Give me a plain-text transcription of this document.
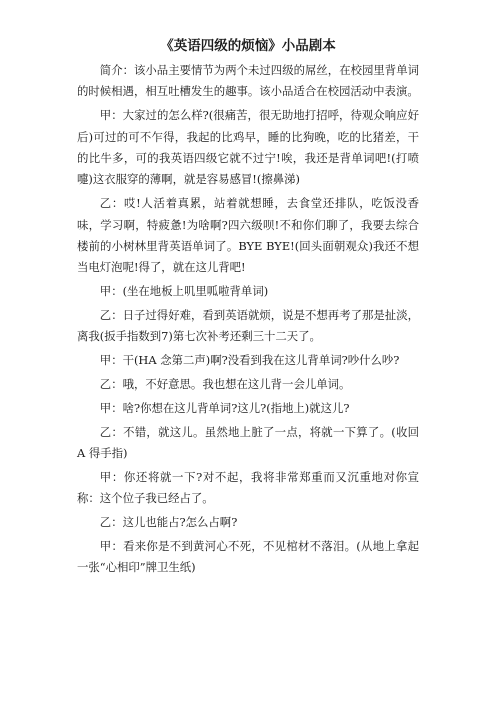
《英语四级的烦恼》小品剧本

简介：该小品主要情节为两个未过四级的屌丝，在校园里背单词的时候相遇，相互吐槽发生的趣事。该小品适合在校园活动中表演。

甲：大家过的怎么样?(很痛苦，很无助地打招呼，待观众响应好后)可过的可不乍得，我起的比鸡早，睡的比狗晚，吃的比猪差，干的比牛多，可的我英语四级它就不过宁!唉，我还是背单词吧!(打喷嚏)这衣服穿的薄啊，就是容易感冒!(擦鼻涕)

乙：哎!人活着真累，站着就想睡，去食堂还排队，吃饭没香味，学习啊，特疲惫!为啥啊?四六级呗!不和你们聊了，我要去综合楼前的小树林里背英语单词了。BYE BYE!(回头面朝观众)我还不想当电灯泡呢!得了，就在这儿背吧!

甲：(坐在地板上叽里呱啦背单词)

乙：日子过得好难，看到英语就烦，说是不想再考了那是扯淡，离我(扳手指数到7)第七次补考还剩三十二天了。

甲：干(HA 念第二声)啊?没看到我在这儿背单词?吵什么吵?

乙：哦，不好意思。我也想在这儿背一会儿单词。

甲：啥?你想在这儿背单词?这儿?(指地上)就这儿?

乙：不错，就这儿。虽然地上脏了一点，将就一下算了。(收回 A 得手指)

甲：你还将就一下?对不起，我将非常郑重而又沉重地对你宣称：这个位子我已经占了。

乙：这儿也能占?怎么占啊?

甲：看来你是不到黄河心不死，不见棺材不落泪。(从地上拿起一张“心相印”牌卫生纸)
